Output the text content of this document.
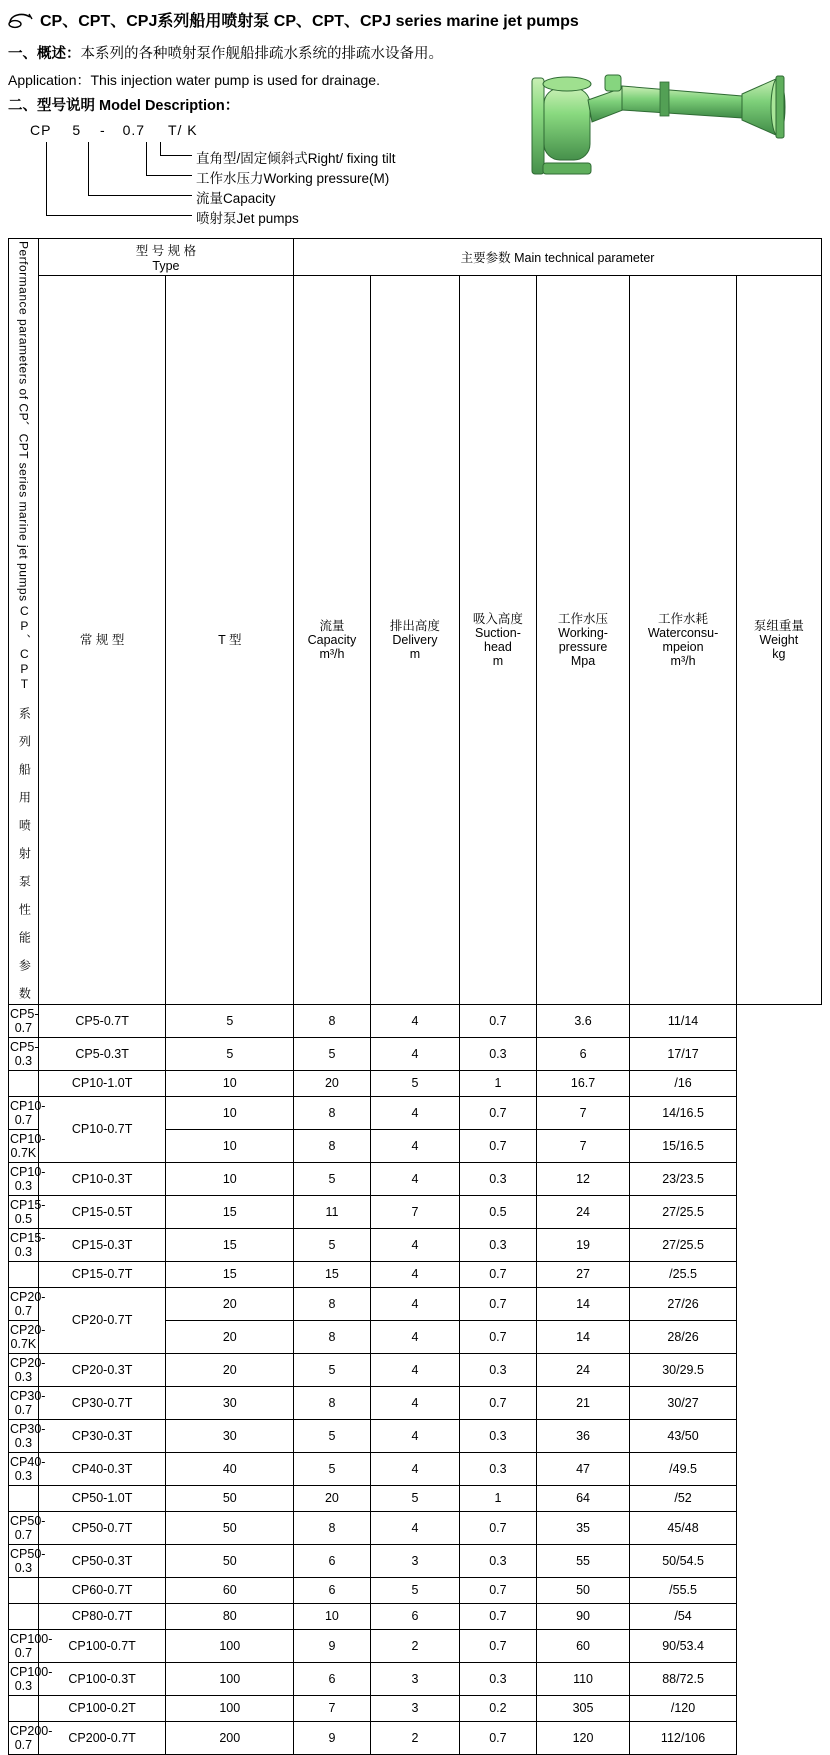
CP、CPT、CPJ系列船用喷射泵 CP、CPT、CPJ series marine jet pumps
一、概述：本系列的各种喷射泵作舰船排疏水系统的排疏水设备用。
Application：This injection water pump is used for drainage.
二、型号说明 Model Description：
CP 5 - 0.7 T/ K
直角型/固定倾斜式Right/ fixing tilt
工作水压力Working pressure(M)
流量Capacity
喷射泵Jet pumps
Performance parameters of CP、CPT series marine jet pumps
CP、CPT 系 列 船 用 喷 射 泵 性 能 参 数

型 号 规 格
Type
	主要参数 Main technical parameter
常 规 型	T 型	
流量
Capacity
m³/h

排出高度
Delivery
m

吸入高度
Suction-head
m

工作水压
Working-pressure
Mpa

工作水耗
Waterconsu-mpeion
m³/h

泵组重量
Weight
kg

CP5-0.7	CP5-0.7T	5	8	4	0.7	3.6	11/14	
CP5-0.3	CP5-0.3T	5	5	4	0.3	6	17/17	
	CP10-1.0T	10	20	5	1	16.7	/16	
CP10-0.7	CP10-0.7T	10	8	4	0.7	7	14/16.5	
CP10-0.7K		10	8	4	0.7	7	15/16.5	
CP10-0.3	CP10-0.3T	10	5	4	0.3	12	23/23.5	
CP15-0.5	CP15-0.5T	15	11	7	0.5	24	27/25.5	
CP15-0.3	CP15-0.3T	15	5	4	0.3	19	27/25.5	
	CP15-0.7T	15	15	4	0.7	27	/25.5	
CP20-0.7	CP20-0.7T	20	8	4	0.7	14	27/26	
CP20-0.7K		20	8	4	0.7	14	28/26	
CP20-0.3	CP20-0.3T	20	5	4	0.3	24	30/29.5	
CP30-0.7	CP30-0.7T	30	8	4	0.7	21	30/27	
CP30-0.3	CP30-0.3T	30	5	4	0.3	36	43/50	
CP40-0.3	CP40-0.3T	40	5	4	0.3	47	/49.5	
	CP50-1.0T	50	20	5	1	64	/52	
CP50-0.7	CP50-0.7T	50	8	4	0.7	35	45/48	
CP50-0.3	CP50-0.3T	50	6	3	0.3	55	50/54.5	
	CP60-0.7T	60	6	5	0.7	50	/55.5	
	CP80-0.7T	80	10	6	0.7	90	/54	
CP100-0.7	CP100-0.7T	100	9	2	0.7	60	90/53.4	
CP100-0.3	CP100-0.3T	100	6	3	0.3	110	88/72.5	
	CP100-0.2T	100	7	3	0.2	305	/120	
CP200-0.7	CP200-0.7T	200	9	2	0.7	120	112/106	
